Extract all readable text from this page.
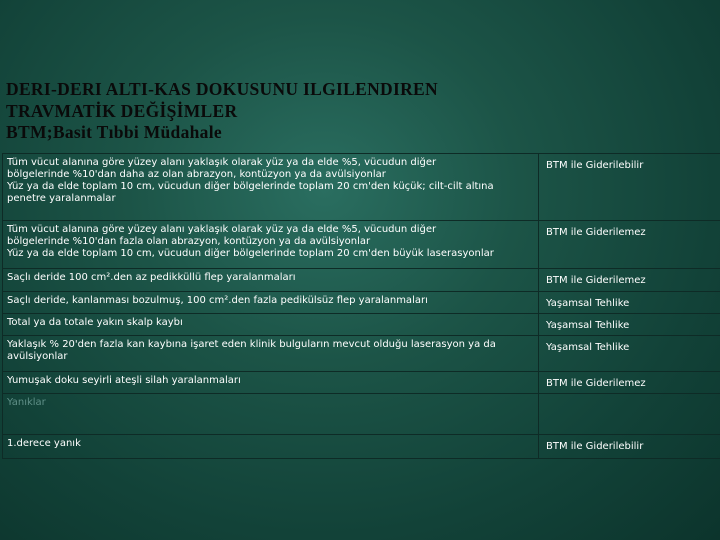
DERI-DERI ALTI-KAS DOKUSUNU ILGILENDIREN
TRAVMATİK DEĞİŞİMLER
BTM;Basit Tıbbi Müdahale
Tüm vücut alanına göre yüzey alanı yaklaşık olarak yüz ya da elde %5, vücudun diğer
bölgelerinde %10'dan daha az olan abrazyon, kontüzyon ya da avülsiyonlar
Yüz ya da elde toplam 10 cm, vücudun diğer bölgelerinde toplam 20 cm'den küçük; cilt-cilt altına
penetre yaralanmalar	BTM ile Giderilebilir

Tüm vücut alanına göre yüzey alanı yaklaşık olarak yüz ya da elde %5, vücudun diğer
bölgelerinde %10'dan fazla olan abrazyon, kontüzyon ya da avülsiyonlar
Yüz ya da elde toplam 10 cm, vücudun diğer bölgelerinde toplam 20 cm'den büyük laserasyonlar	BTM ile Giderilemez

Saçlı deride 100 cm².den az pedikküllü flep yaralanmaları	BTM ile Giderilemez

Saçlı deride, kanlanması bozulmuş, 100 cm².den fazla pedikülsüz flep yaralanmaları	Yaşamsal Tehlike

Total ya da totale yakın skalp kaybı	Yaşamsal Tehlike

Yaklaşık % 20'den fazla kan kaybına işaret eden klinik bulguların mevcut olduğu laserasyon ya da
avülsiyonlar	Yaşamsal Tehlike

Yumuşak doku seyirli ateşli silah yaralanmaları	BTM ile Giderilemez

Yanıklar	

1.derece yanık	BTM ile Giderilebilir
